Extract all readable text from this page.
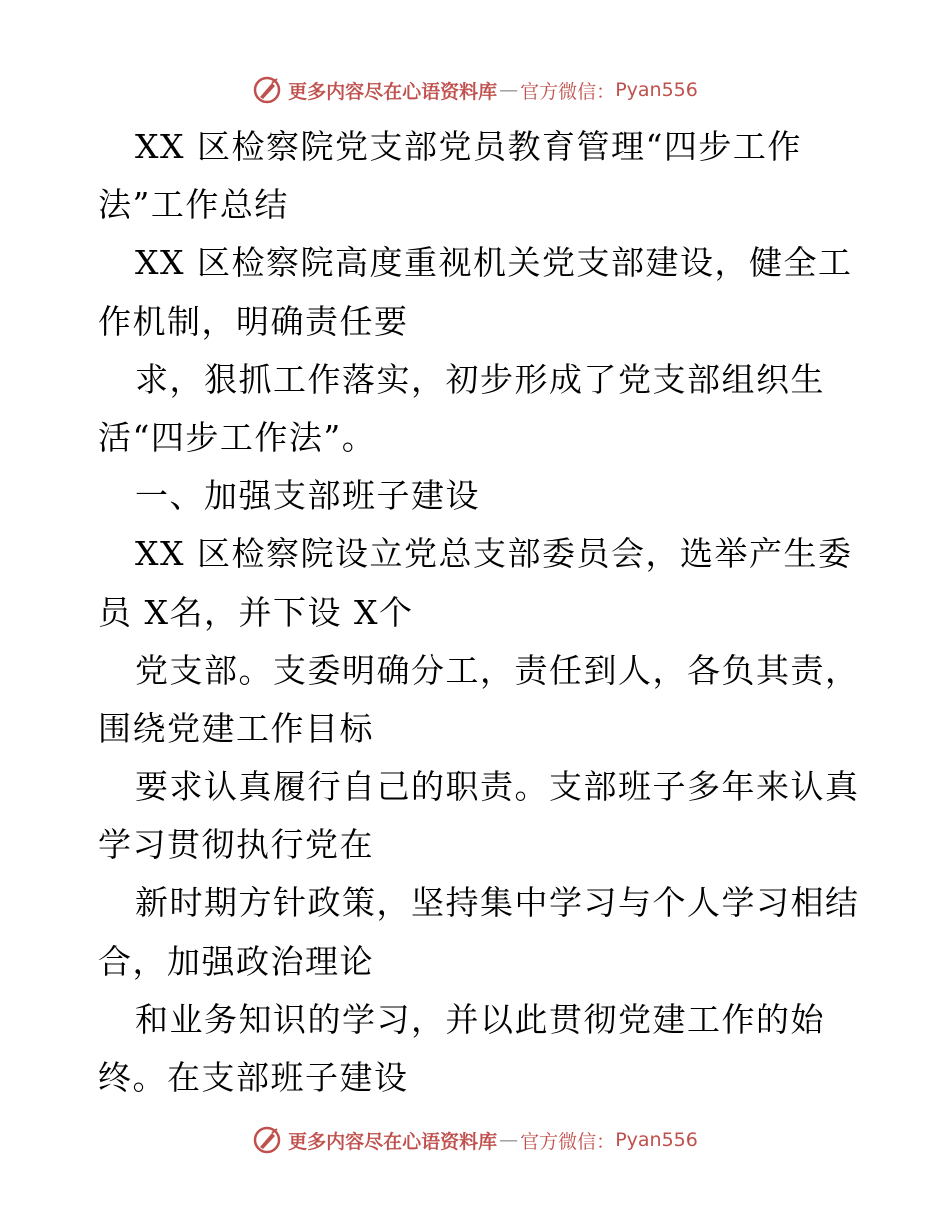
更多内容尽在心语资料库 — 官方微信： Pyan556
XX 区检察院党支部党员教育管理“四步工作
法”工作总结
XX 区检察院高度重视机关党支部建设，健全工
作机制，明确责任要
求，狠抓工作落实，初步形成了党支部组织生
活“四步工作法”。
一、加强支部班子建设
XX 区检察院设立党总支部委员会，选举产生委
员 X名，并下设 X个
党支部。支委明确分工，责任到人，各负其责，
围绕党建工作目标
要求认真履行自己的职责。支部班子多年来认真
学习贯彻执行党在
新时期方针政策，坚持集中学习与个人学习相结
合，加强政治理论
和业务知识的学习，并以此贯彻党建工作的始
终。在支部班子建设
更多内容尽在心语资料库 — 官方微信： Pyan556
